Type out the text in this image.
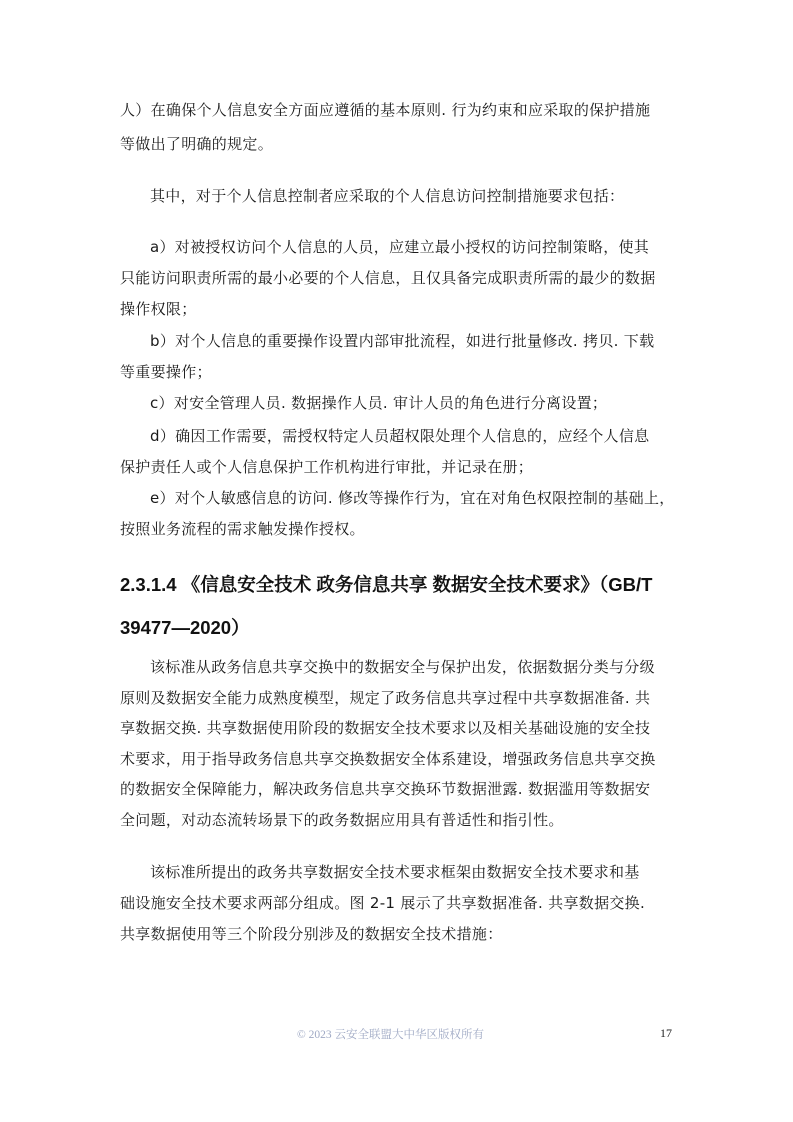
人）在确保个人信息安全方面应遵循的基本原则. 行为约束和应采取的保护措施
等做出了明确的规定。
其中，对于个人信息控制者应采取的个人信息访问控制措施要求包括：
a）对被授权访问个人信息的人员，应建立最小授权的访问控制策略，使其
只能访问职责所需的最小必要的个人信息，且仅具备完成职责所需的最少的数据
操作权限；
b）对个人信息的重要操作设置内部审批流程，如进行批量修改. 拷贝. 下载
等重要操作；
c）对安全管理人员. 数据操作人员. 审计人员的角色进行分离设置；
d）确因工作需要，需授权特定人员超权限处理个人信息的，应经个人信息
保护责任人或个人信息保护工作机构进行审批，并记录在册；
e）对个人敏感信息的访问. 修改等操作行为，宜在对角色权限控制的基础上，
按照业务流程的需求触发操作授权。
2.3.1.4 《信息安全技术 政务信息共享 数据安全技术要求》（GB/T
39477—2020）
该标准从政务信息共享交换中的数据安全与保护出发，依据数据分类与分级
原则及数据安全能力成熟度模型，规定了政务信息共享过程中共享数据准备. 共
享数据交换. 共享数据使用阶段的数据安全技术要求以及相关基础设施的安全技
术要求，用于指导政务信息共享交换数据安全体系建设，增强政务信息共享交换
的数据安全保障能力，解决政务信息共享交换环节数据泄露. 数据滥用等数据安
全问题，对动态流转场景下的政务数据应用具有普适性和指引性。
该标准所提出的政务共享数据安全技术要求框架由数据安全技术要求和基
础设施安全技术要求两部分组成。图 2-1 展示了共享数据准备. 共享数据交换.
共享数据使用等三个阶段分别涉及的数据安全技术措施：
© 2023 云安全联盟大中华区版权所有	17
